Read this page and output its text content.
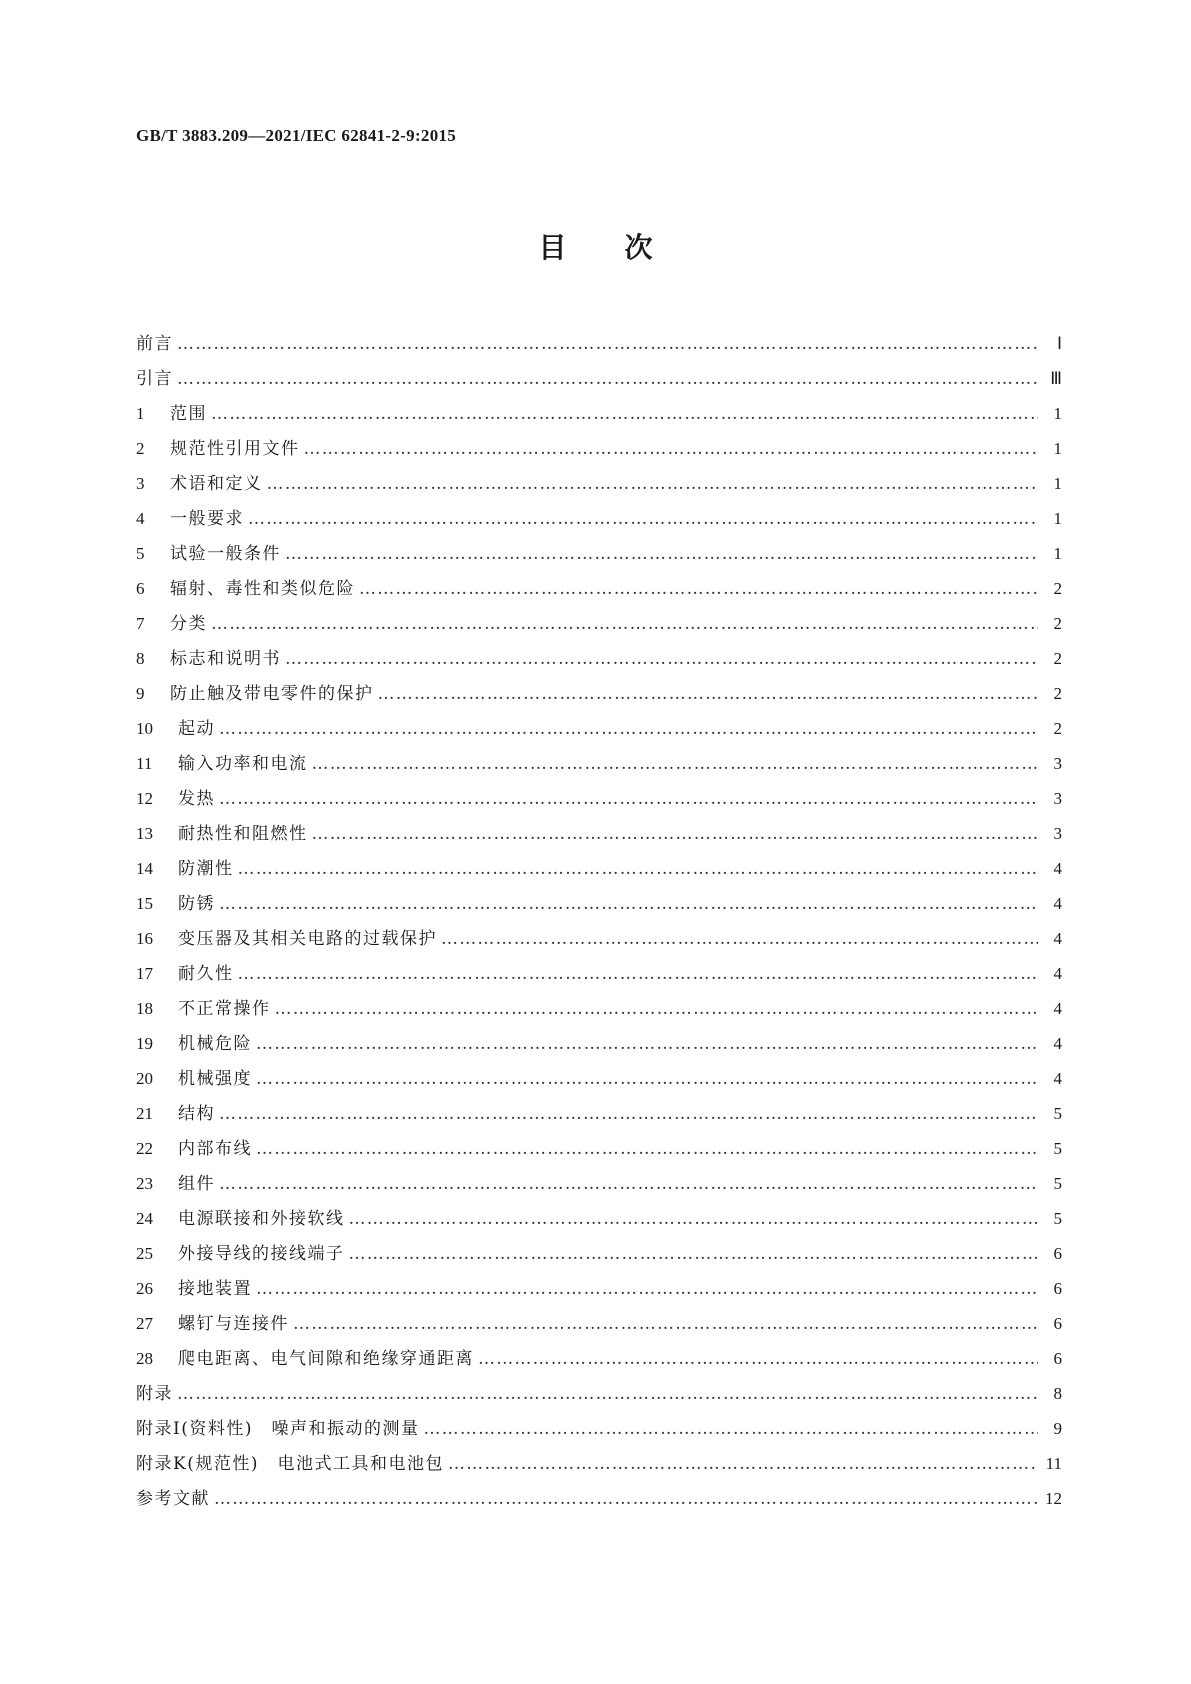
GB/T 3883.209—2021/IEC 62841-2-9:2015
目次
前言 ………………………………………………………………………………………………………………………………………………………………………………………………………………………………………………………………	Ⅰ
引言 ………………………………………………………………………………………………………………………………………………………………………………………………………………………………………………………………	Ⅲ
1	范围 ………………………………………………………………………………………………………………………………………………………………………………………………………………………………………………………………	1
2	规范性引用文件 ………………………………………………………………………………………………………………………………………………………………………………………………………………………………………………………………	1
3	术语和定义 ………………………………………………………………………………………………………………………………………………………………………………………………………………………………………………………………	1
4	一般要求 ………………………………………………………………………………………………………………………………………………………………………………………………………………………………………………………………	1
5	试验一般条件 ………………………………………………………………………………………………………………………………………………………………………………………………………………………………………………………………	1
6	辐射、毒性和类似危险 ………………………………………………………………………………………………………………………………………………………………………………………………………………………………………………………………	2
7	分类 ………………………………………………………………………………………………………………………………………………………………………………………………………………………………………………………………	2
8	标志和说明书 ………………………………………………………………………………………………………………………………………………………………………………………………………………………………………………………………	2
9	防止触及带电零件的保护 ………………………………………………………………………………………………………………………………………………………………………………………………………………………………………………………………	2
10	起动 ………………………………………………………………………………………………………………………………………………………………………………………………………………………………………………………………	2
11	输入功率和电流 ………………………………………………………………………………………………………………………………………………………………………………………………………………………………………………………………	3
12	发热 ………………………………………………………………………………………………………………………………………………………………………………………………………………………………………………………………	3
13	耐热性和阻燃性 ………………………………………………………………………………………………………………………………………………………………………………………………………………………………………………………………	3
14	防潮性 ………………………………………………………………………………………………………………………………………………………………………………………………………………………………………………………………	4
15	防锈 ………………………………………………………………………………………………………………………………………………………………………………………………………………………………………………………………	4
16	变压器及其相关电路的过载保护 ………………………………………………………………………………………………………………………………………………………………………………………………………………………………………………………………	4
17	耐久性 ………………………………………………………………………………………………………………………………………………………………………………………………………………………………………………………………	4
18	不正常操作 ………………………………………………………………………………………………………………………………………………………………………………………………………………………………………………………………	4
19	机械危险 ………………………………………………………………………………………………………………………………………………………………………………………………………………………………………………………………	4
20	机械强度 ………………………………………………………………………………………………………………………………………………………………………………………………………………………………………………………………	4
21	结构 ………………………………………………………………………………………………………………………………………………………………………………………………………………………………………………………………	5
22	内部布线 ………………………………………………………………………………………………………………………………………………………………………………………………………………………………………………………………	5
23	组件 ………………………………………………………………………………………………………………………………………………………………………………………………………………………………………………………………	5
24	电源联接和外接软线 ………………………………………………………………………………………………………………………………………………………………………………………………………………………………………………………………	5
25	外接导线的接线端子 ………………………………………………………………………………………………………………………………………………………………………………………………………………………………………………………………	6
26	接地装置 ………………………………………………………………………………………………………………………………………………………………………………………………………………………………………………………………	6
27	螺钉与连接件 ………………………………………………………………………………………………………………………………………………………………………………………………………………………………………………………………	6
28	爬电距离、电气间隙和绝缘穿通距离 ………………………………………………………………………………………………………………………………………………………………………………………………………………………………………………………………	6
附录 ………………………………………………………………………………………………………………………………………………………………………………………………………………………………………………………………	8
附录Ⅰ(资料性)　噪声和振动的测量 ………………………………………………………………………………………………………………………………………………………………………………………………………………………………………………………………	9
附录K(规范性)　电池式工具和电池包 ………………………………………………………………………………………………………………………………………………………………………………………………………………………………………………………………	11
参考文献 ………………………………………………………………………………………………………………………………………………………………………………………………………………………………………………………………	12
